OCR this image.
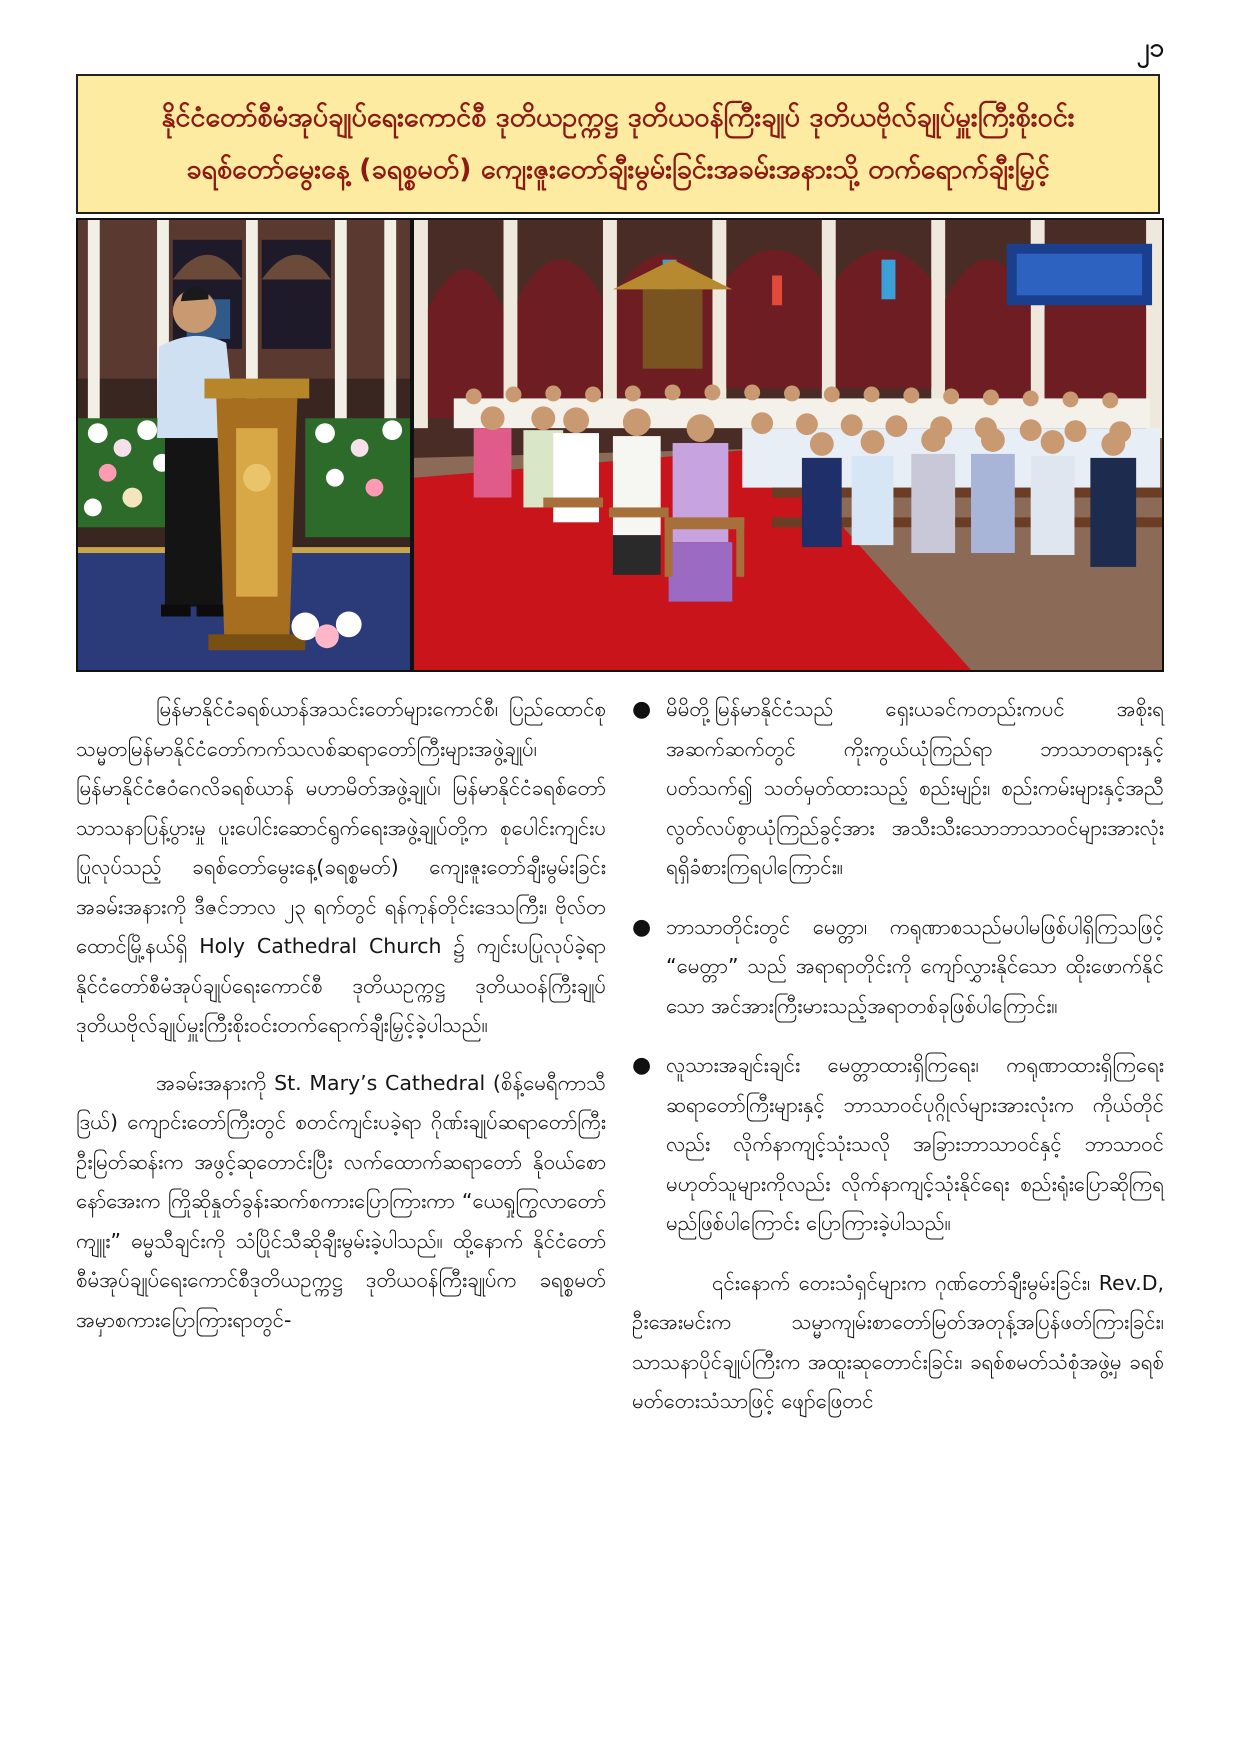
၂၁
နိုင်ငံတော်စီမံအုပ်ချုပ်ရေးကောင်စီ ဒုတိယဥက္ကဋ္ဌ ဒုတိယဝန်ကြီးချုပ် ဒုတိယဗိုလ်ချုပ်မှူးကြီးစိုးဝင်း
ခရစ်တော်မွေးနေ့ (ခရစ္စမတ်) ကျေးဇူးတော်ချီးမွမ်းခြင်းအခမ်းအနားသို့ တက်ရောက်ချီးမြှင့်

မြန်မာနိုင်ငံခရစ်ယာန်အသင်းတော်များကောင်စီ၊ ပြည်ထောင်စုသမ္မတမြန်မာနိုင်ငံတော်ကက်သလစ်ဆရာတော်ကြီးများအဖွဲ့ချုပ်၊ မြန်မာနိုင်ငံဧဝံဂေလိခရစ်ယာန် မဟာမိတ်အဖွဲ့ချုပ်၊ မြန်မာနိုင်ငံခရစ်တော်သာသနာပြန့်ပွားမှု ပူးပေါင်းဆောင်ရွက်ရေးအဖွဲ့ချုပ်တို့က စုပေါင်းကျင်းပပြုလုပ်သည့် ခရစ်တော်မွေးနေ့(ခရစ္စမတ်) ကျေးဇူးတော်ချီးမွမ်းခြင်းအခမ်းအနားကို ဒီဇင်ဘာလ ၂၃ ရက်တွင် ရန်ကုန်တိုင်းဒေသကြီး၊ ဗိုလ်တထောင်မြို့နယ်ရှိ Holy Cathedral Church ၌ ကျင်းပပြုလုပ်ခဲ့ရာ နိုင်ငံတော်စီမံအုပ်ချုပ်ရေးကောင်စီ ဒုတိယဥက္ကဋ္ဌ ဒုတိယဝန်ကြီးချုပ် ဒုတိယဗိုလ်ချုပ်မှူးကြီးစိုးဝင်းတက်ရောက်ချီးမြှင့်ခဲ့ပါသည်။

အခမ်းအနားကို St. Mary’s Cathedral (စိန့်မေရီကာသီဒြယ်) ကျောင်းတော်ကြီးတွင် စတင်ကျင်းပခဲ့ရာ ဂိုဏ်းချုပ်ဆရာတော်ကြီး ဦးမြတ်ဆန်းက အဖွင့်ဆုတောင်းပြီး လက်ထောက်ဆရာတော် နိုဝယ်စောနော်အေးက ကြိုဆိုနှုတ်ခွန်းဆက်စကားပြောကြားကာ “ယေရှုကြွလာတော်ကျူး” ဓမ္မသီချင်းကို သံပြိုင်သီဆိုချီးမွမ်းခဲ့ပါသည်။ ထို့နောက် နိုင်ငံတော်စီမံအုပ်ချုပ်ရေးကောင်စီဒုတိယဥက္ကဋ္ဌ ဒုတိယဝန်ကြီးချုပ်က ခရစ္စမတ်အမှာစကားပြောကြားရာတွင်-

● မိမိတို့မြန်မာနိုင်ငံသည် ရှေးယခင်ကတည်းကပင် အစိုးရအဆက်ဆက်တွင် ကိုးကွယ်ယုံကြည်ရာ ဘာသာတရားနှင့်ပတ်သက်၍ သတ်မှတ်ထားသည့် စည်းမျဉ်း၊ စည်းကမ်းများနှင့်အညီ လွတ်လပ်စွာယုံကြည်ခွင့်အား အသီးသီးသောဘာသာဝင်များအားလုံး ရရှိခံစားကြရပါကြောင်း။
● ဘာသာတိုင်းတွင် မေတ္တာ၊ ကရုဏာစသည်မပါမဖြစ်ပါရှိကြသဖြင့် “မေတ္တာ” သည် အရာရာတိုင်းကို ကျော်လွှားနိုင်သော ထိုးဖောက်နိုင်သော အင်အားကြီးမားသည့်အရာတစ်ခုဖြစ်ပါကြောင်း။
● လူသားအချင်းချင်း မေတ္တာထားရှိကြရေး၊ ကရုဏာထားရှိကြရေး ဆရာတော်ကြီးများနှင့် ဘာသာဝင်ပုဂ္ဂိုလ်များအားလုံးက ကိုယ်တိုင်လည်း လိုက်နာကျင့်သုံးသလို အခြားဘာသာဝင်နှင့် ဘာသာဝင်မဟုတ်သူများကိုလည်း လိုက်နာကျင့်သုံးနိုင်ရေး စည်းရုံးပြောဆိုကြရမည်ဖြစ်ပါကြောင်း ပြောကြားခဲ့ပါသည်။

၎င်းနောက် တေးသံရှင်များက ဂုဏ်တော်ချီးမွမ်းခြင်း၊ Rev.D, ဦးအေးမင်းက သမ္မာကျမ်းစာတော်မြတ်အတုန့်အပြန်ဖတ်ကြားခြင်း၊ သာသနာပိုင်ချုပ်ကြီးက အထူးဆုတောင်းခြင်း၊ ခရစ်စမတ်သံစုံအဖွဲ့မှ ခရစ်မတ်တေးသံသာဖြင့် ဖျော်ဖြေတင်
